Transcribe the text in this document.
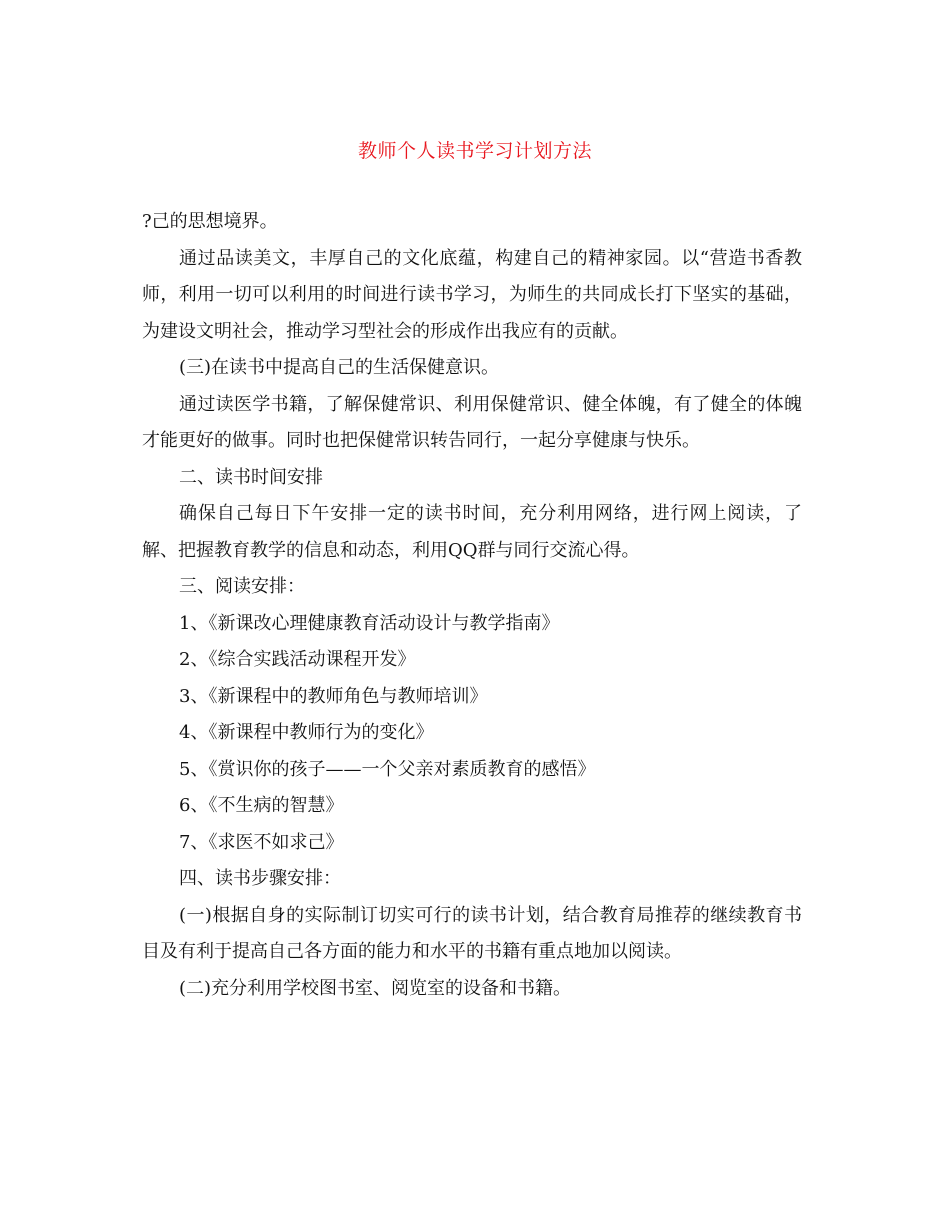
教师个人读书学习计划方法

?己的思想境界。

通过品读美文，丰厚自己的文化底蕴，构建自己的精神家园。以“营造书香教师，利用一切可以利用的时间进行读书学习，为师生的共同成长打下坚实的基础，为建设文明社会，推动学习型社会的形成作出我应有的贡献。

(三)在读书中提高自己的生活保健意识。

通过读医学书籍，了解保健常识、利用保健常识、健全体魄，有了健全的体魄才能更好的做事。同时也把保健常识转告同行，一起分享健康与快乐。

二、读书时间安排

确保自己每日下午安排一定的读书时间，充分利用网络，进行网上阅读，了解、把握教育教学的信息和动态，利用QQ群与同行交流心得。

三、阅读安排：

1、《新课改心理健康教育活动设计与教学指南》

2、《综合实践活动课程开发》

3、《新课程中的教师角色与教师培训》

4、《新课程中教师行为的变化》

5、《赏识你的孩子——一个父亲对素质教育的感悟》

6、《不生病的智慧》

7、《求医不如求己》

四、读书步骤安排：

(一)根据自身的实际制订切实可行的读书计划，结合教育局推荐的继续教育书目及有利于提高自己各方面的能力和水平的书籍有重点地加以阅读。

(二)充分利用学校图书室、阅览室的设备和书籍。
